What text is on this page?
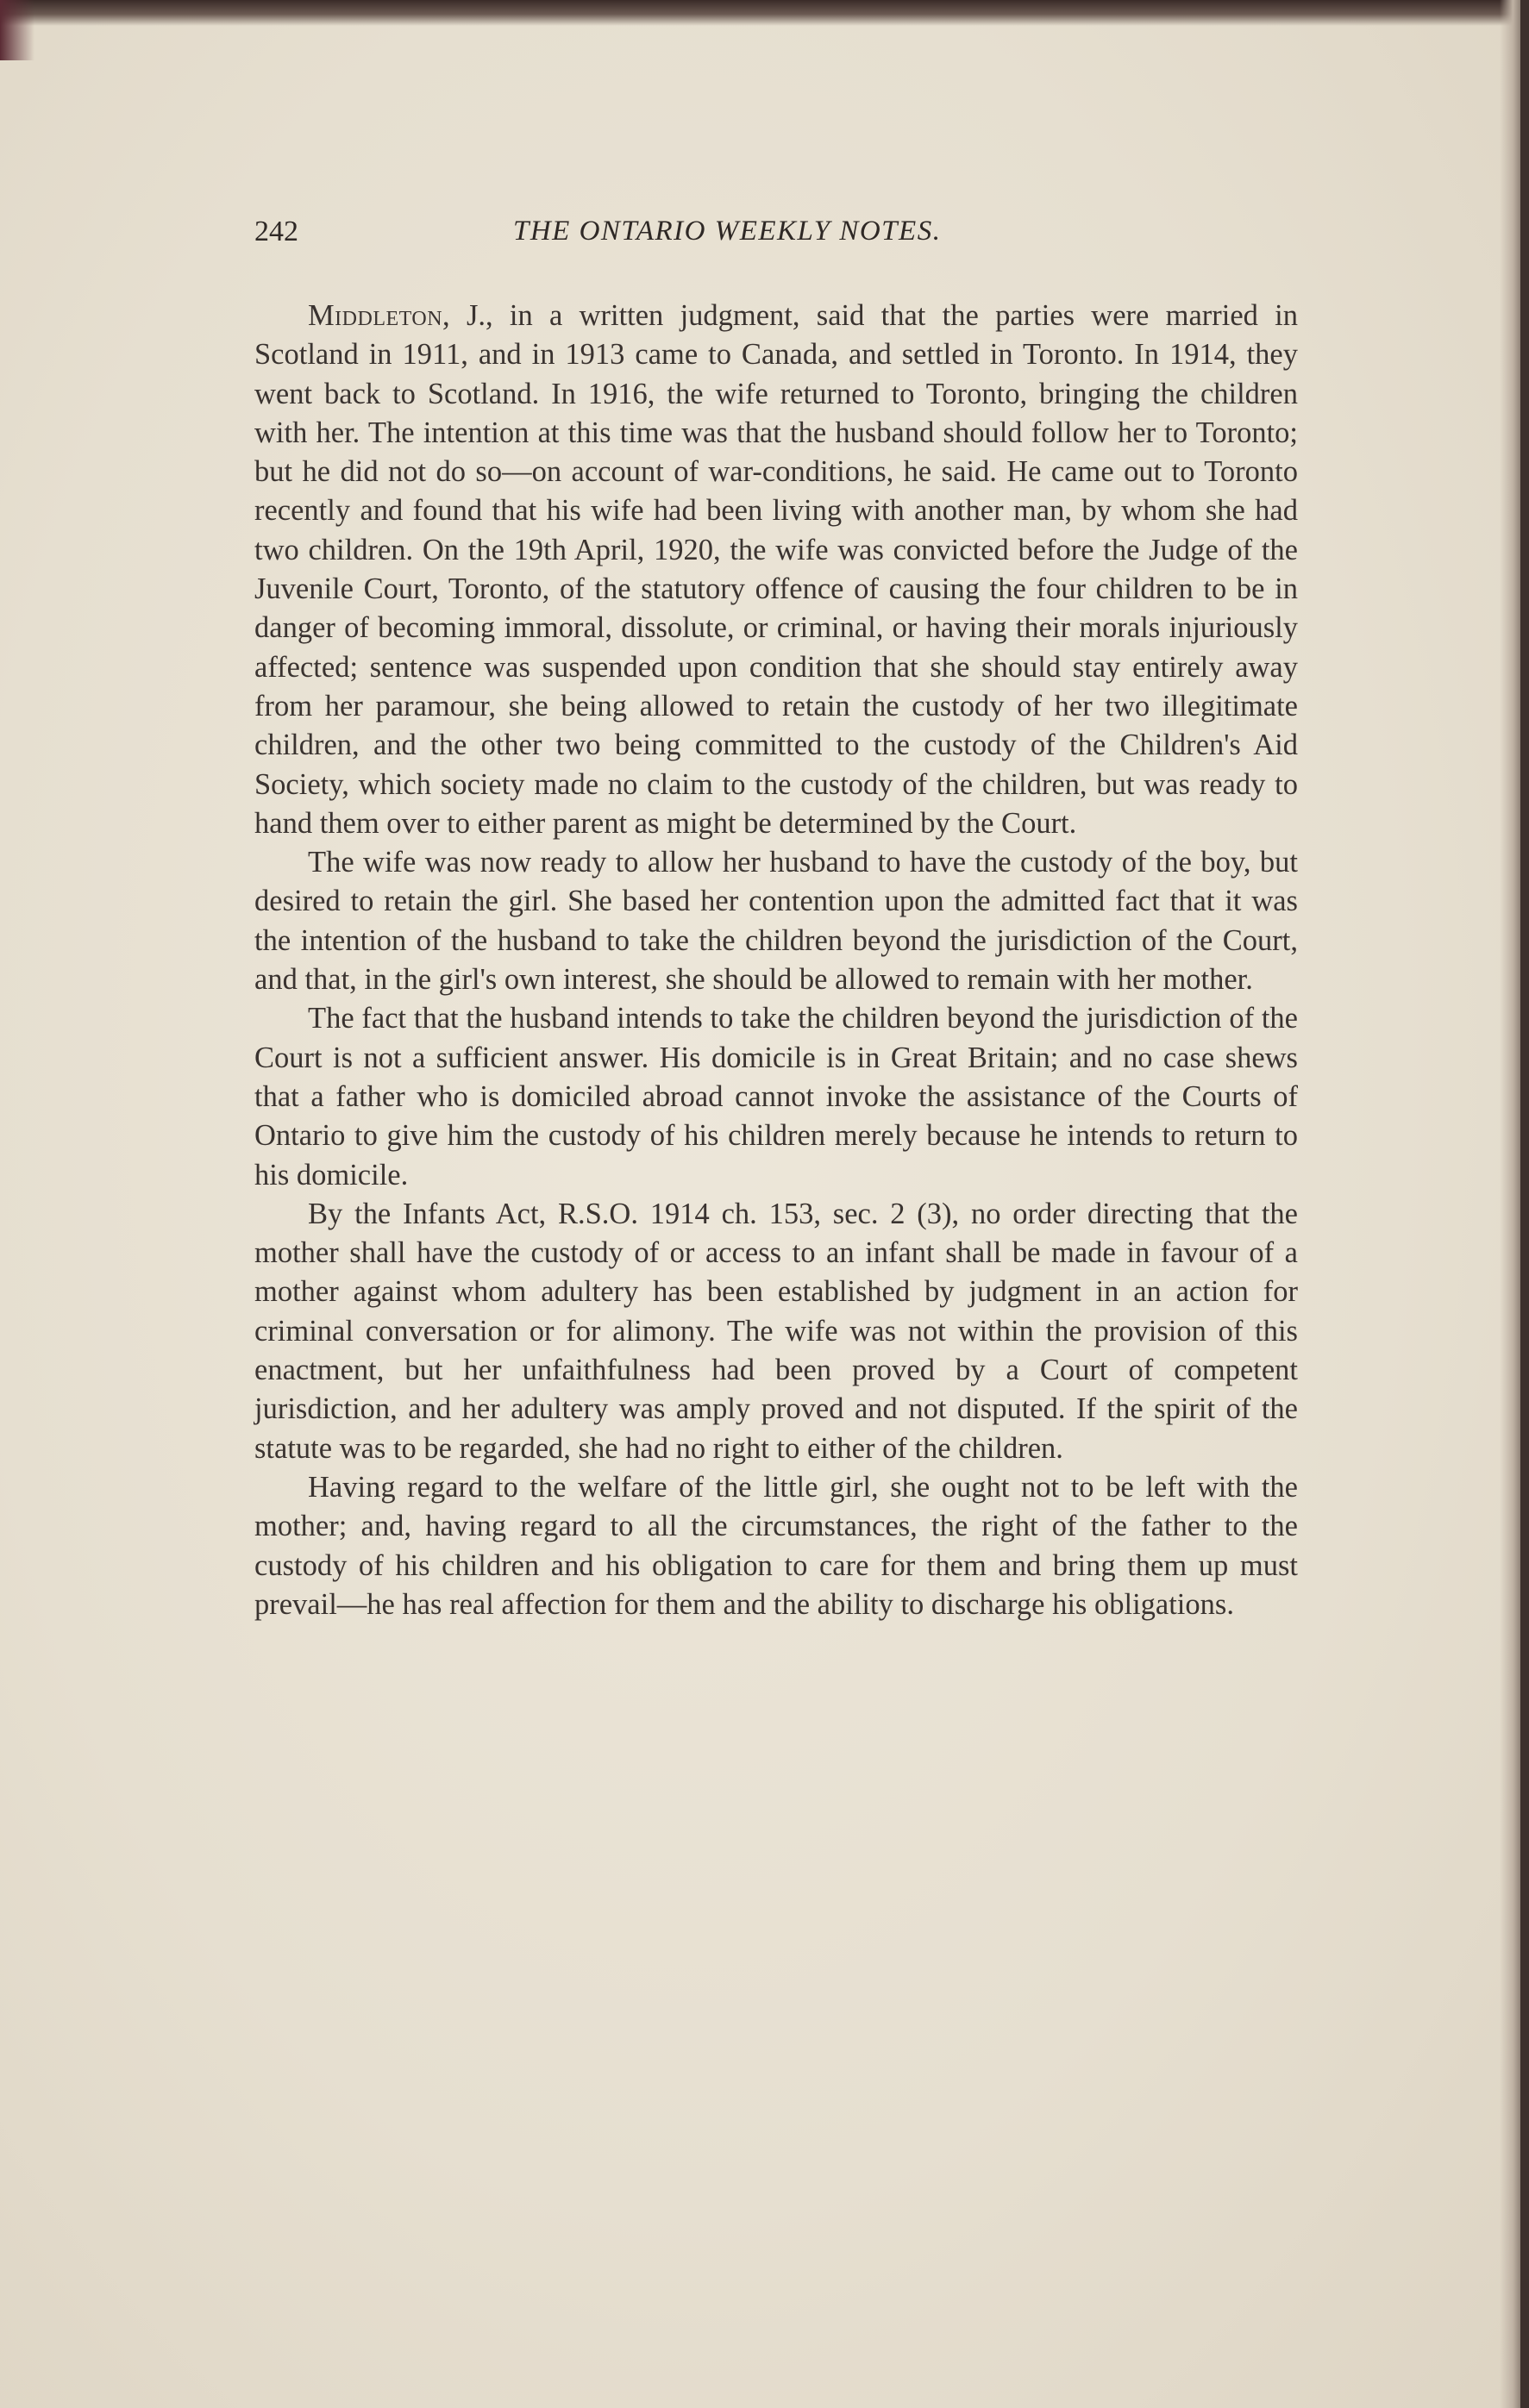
242	THE ONTARIO WEEKLY NOTES.

Middleton, J., in a written judgment, said that the parties were married in Scotland in 1911, and in 1913 came to Canada, and settled in Toronto. In 1914, they went back to Scotland. In 1916, the wife returned to Toronto, bringing the children with her. The intention at this time was that the husband should follow her to Toronto; but he did not do so—on account of war-conditions, he said. He came out to Toronto recently and found that his wife had been living with another man, by whom she had two children. On the 19th April, 1920, the wife was convicted before the Judge of the Juvenile Court, Toronto, of the statutory offence of causing the four children to be in danger of becoming immoral, dissolute, or criminal, or having their morals injuriously affected; sentence was suspended upon condition that she should stay entirely away from her paramour, she being allowed to retain the custody of her two illegitimate children, and the other two being committed to the custody of the Children's Aid Society, which society made no claim to the custody of the children, but was ready to hand them over to either parent as might be determined by the Court.

The wife was now ready to allow her husband to have the custody of the boy, but desired to retain the girl. She based her contention upon the admitted fact that it was the intention of the husband to take the children beyond the jurisdiction of the Court, and that, in the girl's own interest, she should be allowed to remain with her mother.

The fact that the husband intends to take the children beyond the jurisdiction of the Court is not a sufficient answer. His domicile is in Great Britain; and no case shews that a father who is domiciled abroad cannot invoke the assistance of the Courts of Ontario to give him the custody of his children merely because he intends to return to his domicile.

By the Infants Act, R.S.O. 1914 ch. 153, sec. 2 (3), no order directing that the mother shall have the custody of or access to an infant shall be made in favour of a mother against whom adultery has been established by judgment in an action for criminal conversation or for alimony. The wife was not within the provision of this enactment, but her unfaithfulness had been proved by a Court of competent jurisdiction, and her adultery was amply proved and not disputed. If the spirit of the statute was to be regarded, she had no right to either of the children.

Having regard to the welfare of the little girl, she ought not to be left with the mother; and, having regard to all the circumstances, the right of the father to the custody of his children and his obligation to care for them and bring them up must prevail—he has real affection for them and the ability to discharge his obligations.
